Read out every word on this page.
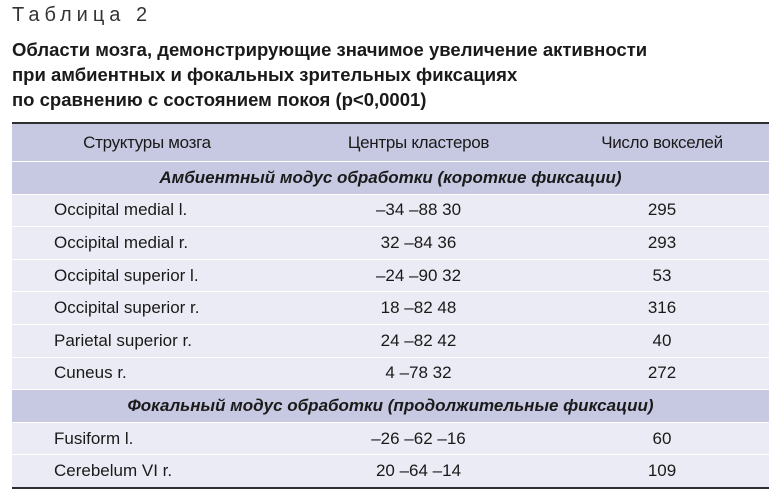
Таблица 2
Области мозга, демонстрирующие значимое увеличение активности
при амбиентных и фокальных зрительных фиксациях
по сравнению с состоянием покоя (p<0,0001)
Структуры мозга	Центры кластеров	Число вокселей
Амбиентный модус обработки (короткие фиксации)
Occipital medial l.	–34 –88 30	295
Occipital medial r.	32 –84 36	293
Occipital superior l.	–24 –90 32	53
Occipital superior r.	18 –82 48	316
Parietal superior r.	24 –82 42	40
Cuneus r.	4 –78 32	272
Фокальный модус обработки (продолжительные фиксации)
Fusiform l.	–26 –62 –16	60
Cerebelum VI r.	20 –64 –14	109
